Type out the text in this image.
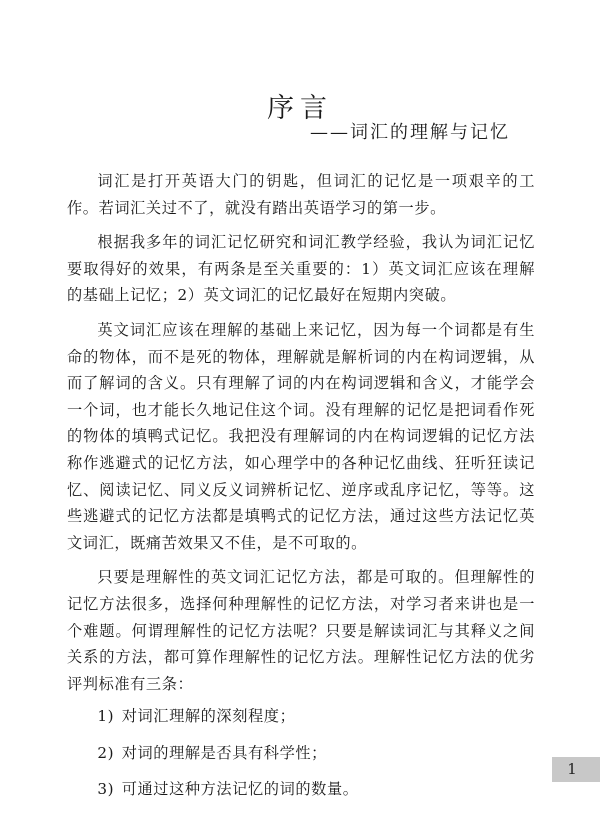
序言
——词汇的理解与记忆

词汇是打开英语大门的钥匙，但词汇的记忆是一项艰辛的工作。若词汇关过不了，就没有踏出英语学习的第一步。

根据我多年的词汇记忆研究和词汇教学经验，我认为词汇记忆要取得好的效果，有两条是至关重要的：1）英文词汇应该在理解的基础上记忆；2）英文词汇的记忆最好在短期内突破。

英文词汇应该在理解的基础上来记忆，因为每一个词都是有生命的物体，而不是死的物体，理解就是解析词的内在构词逻辑，从而了解词的含义。只有理解了词的内在构词逻辑和含义，才能学会一个词，也才能长久地记住这个词。没有理解的记忆是把词看作死的物体的填鸭式记忆。我把没有理解词的内在构词逻辑的记忆方法称作逃避式的记忆方法，如心理学中的各种记忆曲线、狂听狂读记忆、阅读记忆、同义反义词辨析记忆、逆序或乱序记忆，等等。这些逃避式的记忆方法都是填鸭式的记忆方法，通过这些方法记忆英文词汇，既痛苦效果又不佳，是不可取的。

只要是理解性的英文词汇记忆方法，都是可取的。但理解性的记忆方法很多，选择何种理解性的记忆方法，对学习者来讲也是一个难题。何谓理解性的记忆方法呢？只要是解读词汇与其释义之间关系的方法，都可算作理解性的记忆方法。理解性记忆方法的优劣评判标准有三条：

1) 对词汇理解的深刻程度；
2) 对词的理解是否具有科学性；
3) 可通过这种方法记忆的词的数量。
1
